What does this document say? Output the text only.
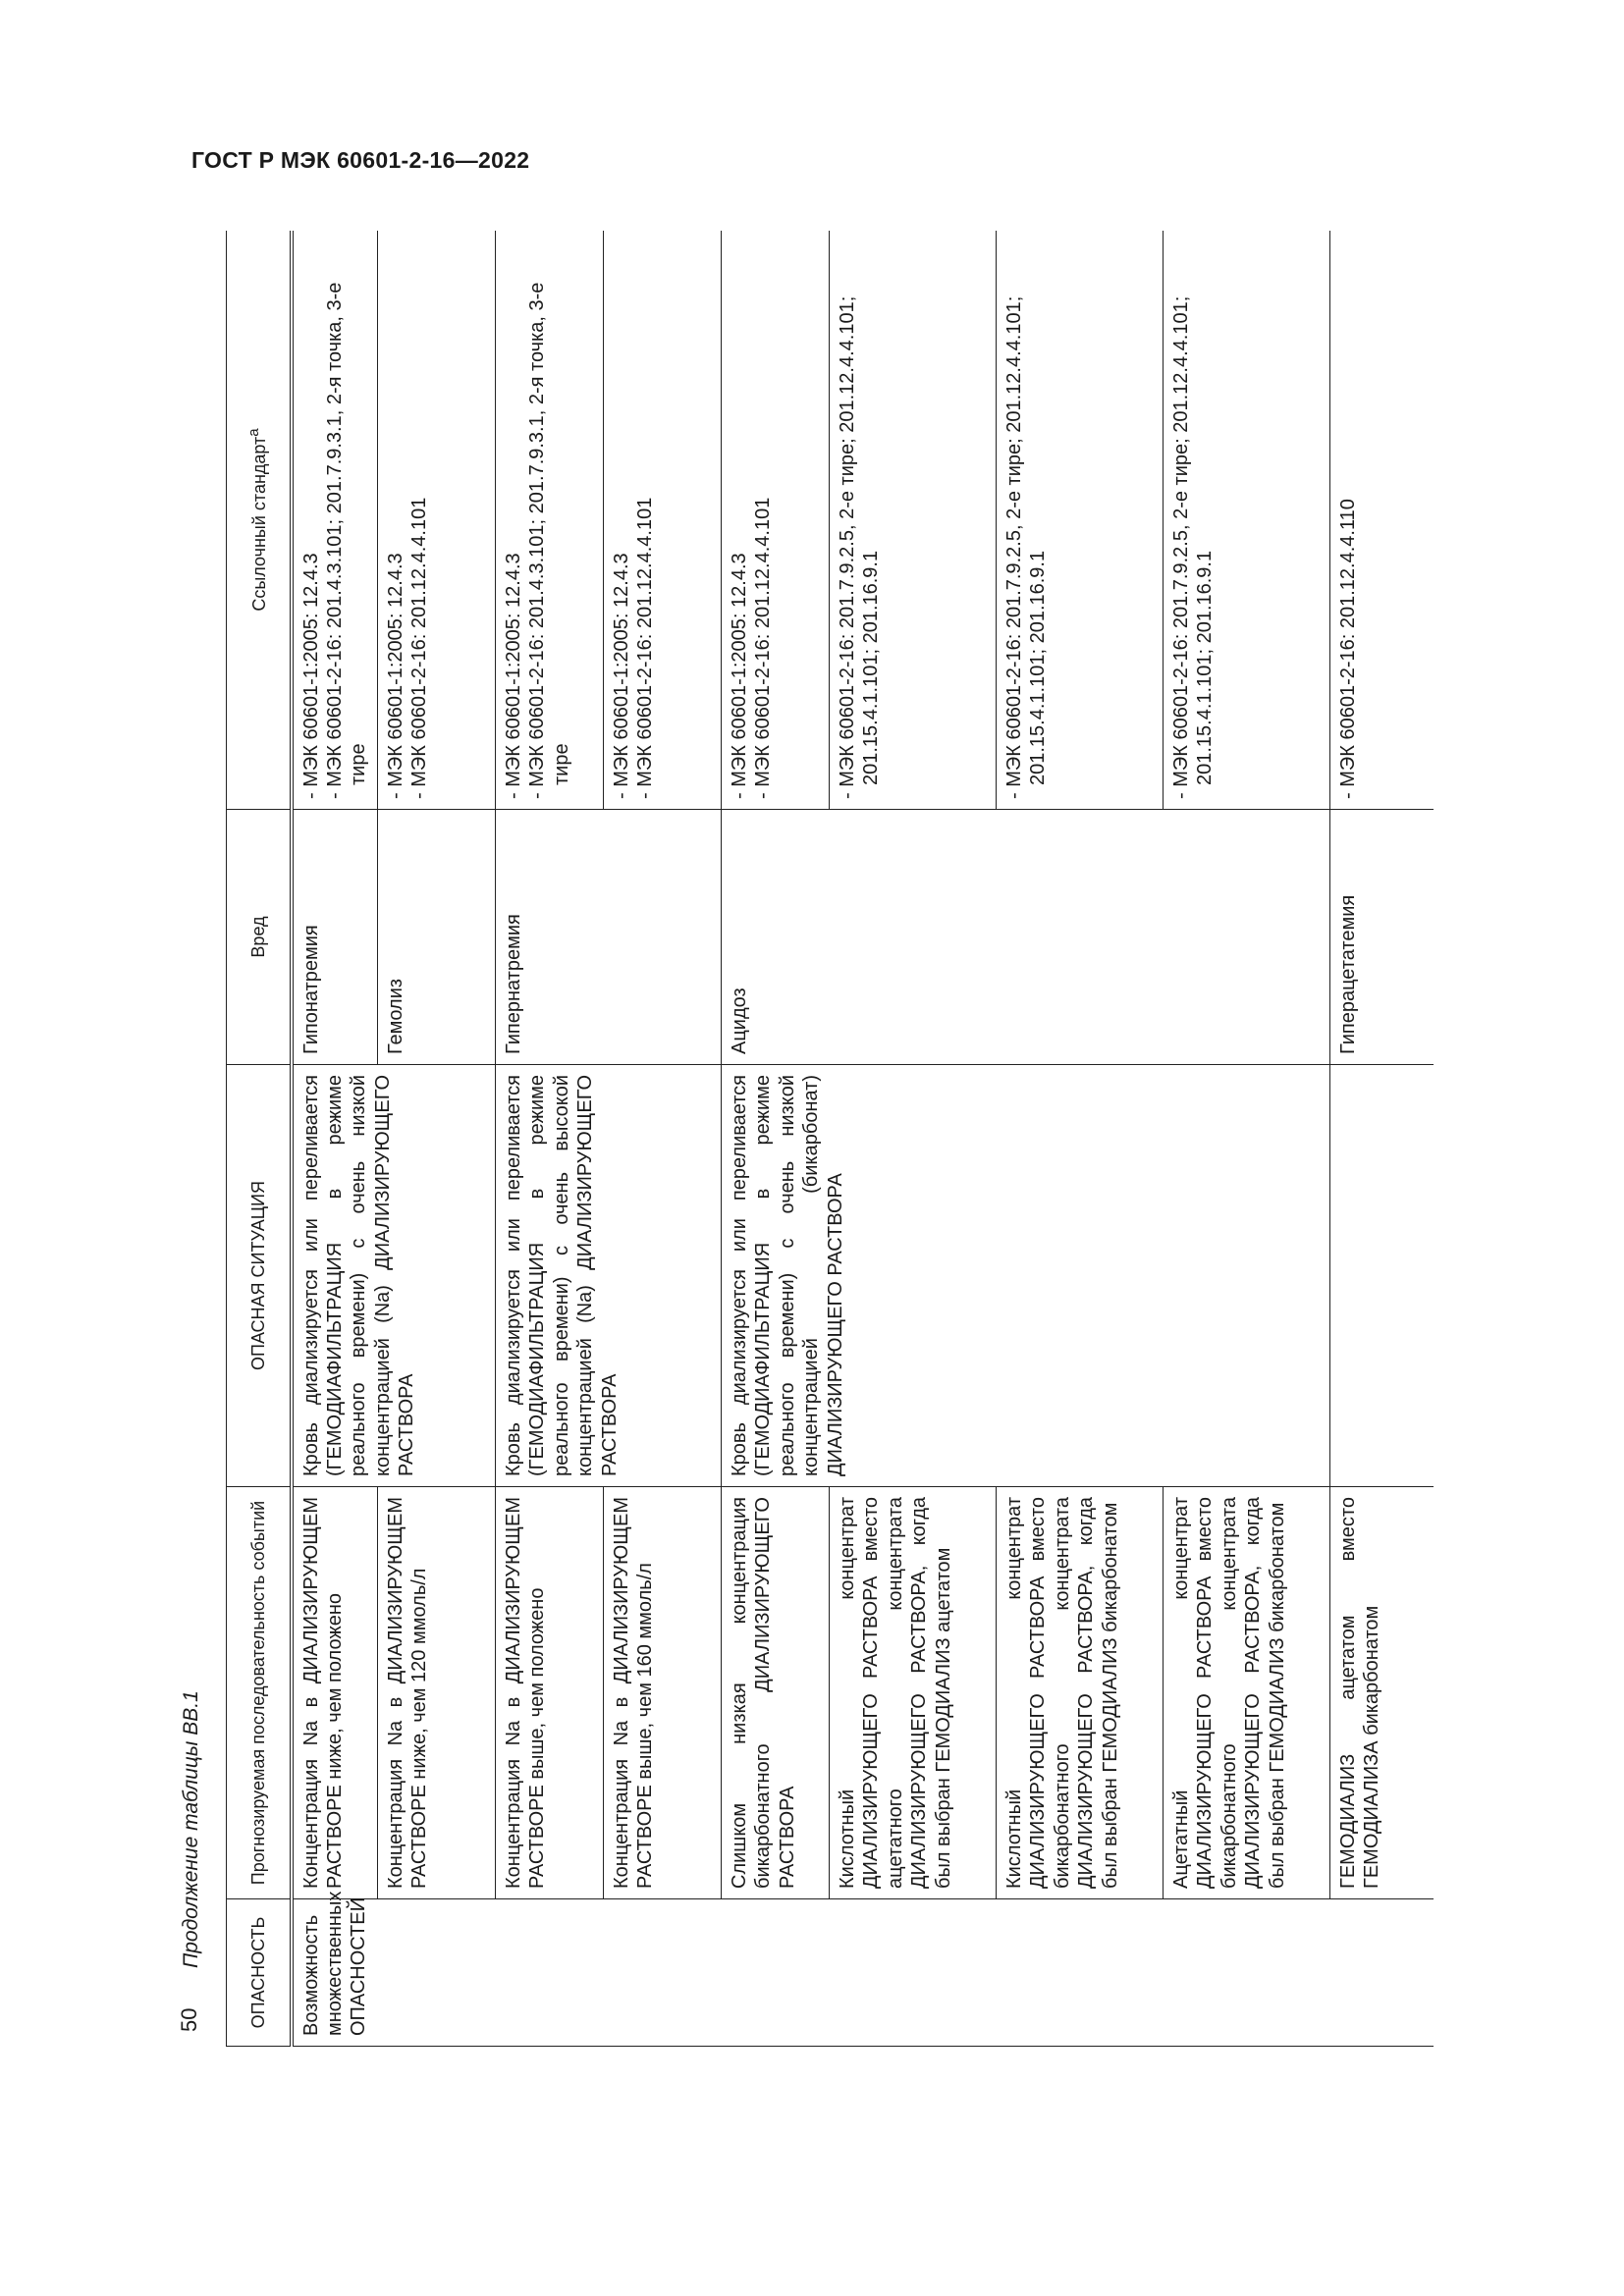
ГОСТ Р МЭК 60601-2-16—2022
50
Продолжение таблицы ВВ.1
ОПАСНОСТЬ	Прогнозируемая последовательность событий	ОПАСНАЯ СИТУАЦИЯ	Вред	Ссылочный стандарт$^a$
Возможность множественных ОПАСНОСТЕЙ	Концентрация Na в ДИАЛИЗИРУЮЩЕМ РАСТВОРЕ ниже, чем положено	Кровь диализируется или переливается (ГЕМОДИАФИЛЬТРАЦИЯ в режиме реального времени) с очень низкой концентрацией (Na) ДИАЛИЗИРУЮЩЕГО РАСТВОРА	Гипонатремия	- МЭК 60601-1:2005: 12.4.3 - МЭК 60601-2-16: 201.4.3.101; 201.7.9.3.1, 2-я точка, 3-е тире

	Концентрация Na в ДИАЛИЗИРУЮЩЕМ РАСТВОРЕ ниже, чем 120 ммоль/л		Гемолиз	- МЭК 60601-1:2005: 12.4.3 - МЭК 60601-2-16: 201.12.4.4.101

	Концентрация Na в ДИАЛИЗИРУЮЩЕМ РАСТВОРЕ выше, чем положено	Кровь диализируется или переливается (ГЕМОДИАФИЛЬТРАЦИЯ в режиме реального времени) с очень высокой концентрацией (Na) ДИАЛИЗИРУЮЩЕГО РАСТВОРА	Гипернатремия	- МЭК 60601-1:2005: 12.4.3 - МЭК 60601-2-16: 201.4.3.101; 201.7.9.3.1, 2-я точка, 3-е тире

	Концентрация Na в ДИАЛИЗИРУЮЩЕМ РАСТВОРЕ выше, чем 160 ммоль/л			- МЭК 60601-1:2005: 12.4.3 - МЭК 60601-2-16: 201.12.4.4.101

	Слишком низкая концентрация бикарбонатного ДИАЛИЗИРУЮЩЕГО РАСТВОРА	Кровь диализируется или переливается (ГЕМОДИАФИЛЬТРАЦИЯ в режиме реального времени) с очень низкой концентрацией (бикарбонат) ДИАЛИЗИРУЮЩЕГО РАСТВОРА	Ацидоз	- МЭК 60601-1:2005: 12.4.3 - МЭК 60601-2-16: 201.12.4.4.101

	Кислотный концентрат ДИАЛИЗИРУЮЩЕГО РАСТВОРА вместо ацетатного концентрата ДИАЛИЗИРУЮЩЕГО РАСТВОРА, когда был выбран ГЕМОДИАЛИЗ ацетатом			- МЭК 60601-2-16: 201.7.9.2.5, 2-е тире; 201.12.4.4.101; 201.15.4.1.101; 201.16.9.1

	Кислотный концентрат ДИАЛИЗИРУЮЩЕГО РАСТВОРА вместо бикарбонатного концентрата ДИАЛИЗИРУЮЩЕГО РАСТВОРА, когда был выбран ГЕМОДИАЛИЗ бикарбонатом			- МЭК 60601-2-16: 201.7.9.2.5, 2-е тире; 201.12.4.4.101; 201.15.4.1.101; 201.16.9.1

	Ацетатный концентрат ДИАЛИЗИРУЮЩЕГО РАСТВОРА вместо бикарбонатного концентрата ДИАЛИЗИРУЮЩЕГО РАСТВОРА, когда был выбран ГЕМОДИАЛИЗ бикарбонатом			- МЭК 60601-2-16: 201.7.9.2.5, 2-е тире; 201.12.4.4.101; 201.15.4.1.101; 201.16.9.1

	ГЕМОДИАЛИЗ ацетатом вместо ГЕМОДИАЛИЗА бикарбонатом		Гиперацетатемия	- МЭК 60601-2-16: 201.12.4.4.110
